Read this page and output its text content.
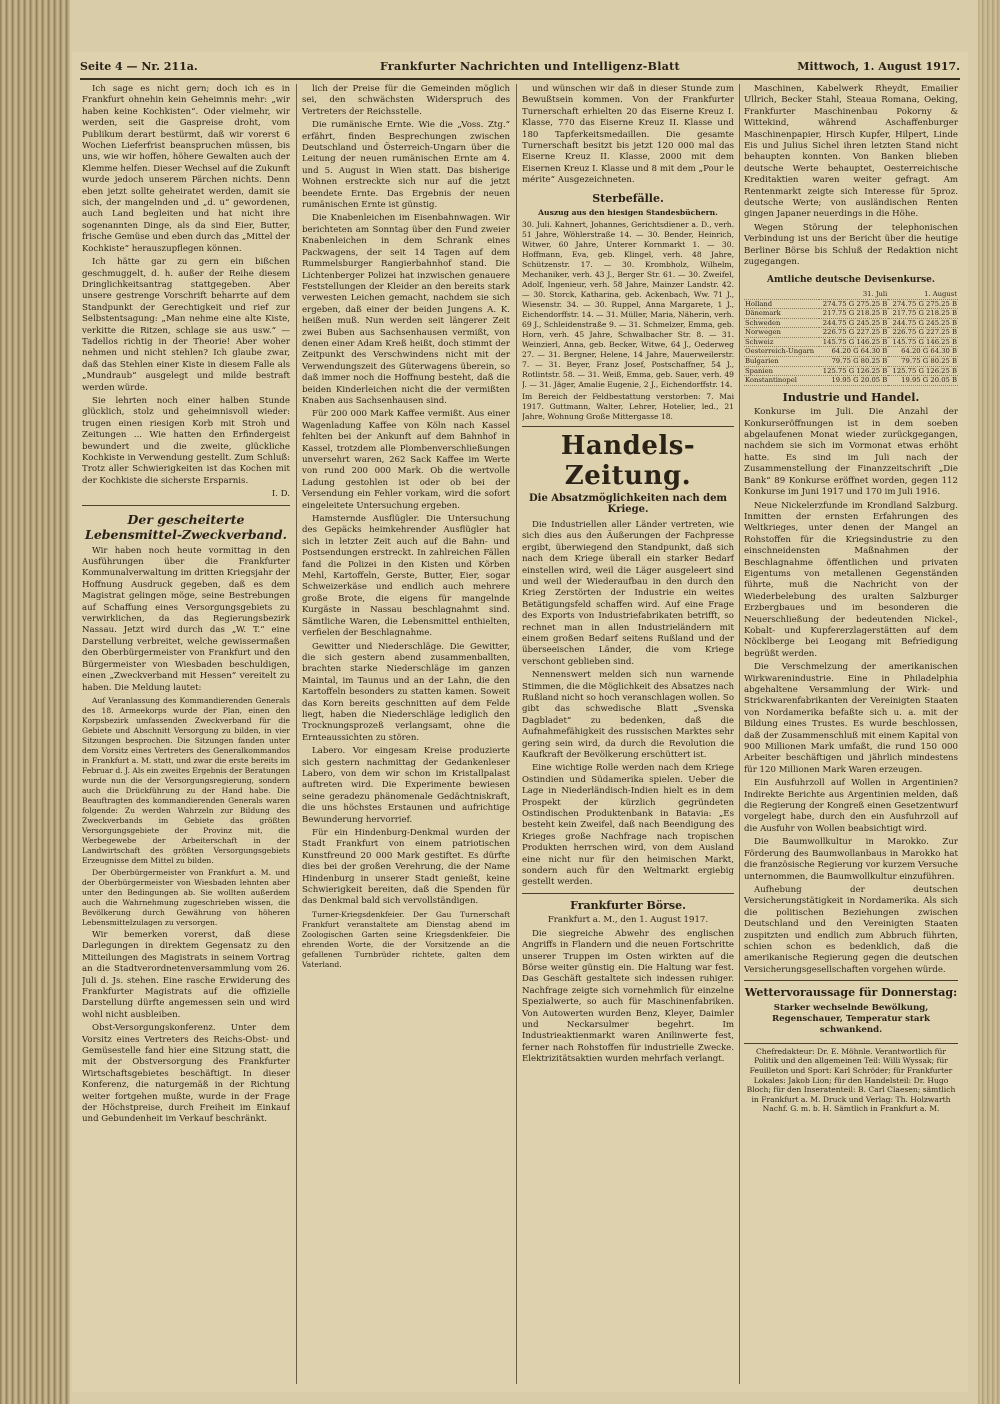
Seite 4 — Nr. 211a.	Frankfurter Nachrichten und Intelligenz-Blatt	Mittwoch, 1. August 1917.

Ich sage es nicht gern; doch ich es in Frankfurt ohnehin kein Geheimnis mehr: „wir haben keine Kochkisten“. Oder vielmehr, wir werden, seit die Gaspreise droht, vom Publikum derart bestürmt, daß wir vorerst 6 Wochen Lieferfrist beanspruchen müssen, bis uns, wie wir hoffen, höhere Gewalten auch der Klemme helfen. Dieser Wechsel auf die Zukunft wurde jedoch unserem Pärchen nichts. Denn eben jetzt sollte geheiratet werden, damit sie sich, der mangelnden und „d. u“ gewordenen, auch Land begleiten und hat nicht ihre sogenannten Dinge, als da sind Eier, Butter, frische Gemüse und eben durch das „Mittel der Kochkiste“ herauszupflegen können.

Ich hätte gar zu gern ein bißchen geschmuggelt, d. h. außer der Reihe diesem Dringlichkeitsantrag stattgegeben. Aber unsere gestrenge Vorschrift beharrte auf dem Standpunkt der Gerechtigkeit und rief zur Selbstentsagung: „Man nehme eine alte Kiste, verkitte die Ritzen, schlage sie aus usw.“ — Tadellos richtig in der Theorie! Aber woher nehmen und nicht stehlen? Ich glaube zwar, daß das Stehlen einer Kiste in diesem Falle als „Mundraub“ ausgelegt und milde bestraft werden würde.

Sie lehrten noch einer halben Stunde glücklich, stolz und geheimnisvoll wieder: trugen einen riesigen Korb mit Stroh und Zeitungen ... Wie hatten den Erfindergeist bewundert und die zweite, glückliche Kochkiste in Verwendung gestellt. Zum Schluß: Trotz aller Schwierigkeiten ist das Kochen mit der Kochkiste die sicherste Ersparnis.

I. D.

Der gescheiterte Lebensmittel-Zweckverband.

Wir haben noch heute vormittag in den Ausführungen über die Frankfurter Kommunalverwaltung im dritten Kriegsjahr der Hoffnung Ausdruck gegeben, daß es dem Magistrat gelingen möge, seine Bestrebungen auf Schaffung eines Versorgungsgebiets zu verwirklichen, da das Regierungsbezirk Nassau. Jetzt wird durch das „W. T.“ eine Darstellung verbreitet, welche gewissermaßen den Oberbürgermeister von Frankfurt und den Bürgermeister von Wiesbaden beschuldigen, einen „Zweckverband mit Hessen“ vereitelt zu haben. Die Meldung lautet:

Auf Veranlassung des Kommandierenden Generals des 18. Armeekorps wurde der Plan, einen den Korpsbezirk umfassenden Zweckverband für die Gebiete und Abschnitt Versorgung zu bilden, in vier Sitzungen besprochen. Die Sitzungen fanden unter dem Vorsitz eines Vertreters des Generalkommandos in Frankfurt a. M. statt, und zwar die erste bereits im Februar d. J. Als ein zweites Ergebnis der Beratungen wurde nun die der Versorgungsregierung, sondern auch die Drückführung zu der Hand habe. Die Beauftragten des kommandierenden Generals waren folgende: Zu werden Wahrzeln zur Bildung des Zweckverbands im Gebiete das größten Versorgungsgebiete der Provinz mit, die Werbegewebe der Arbeiterschaft in der Landwirtschaft des größten Versorgungsgebiets Erzeugnisse dem Mittel zu bilden.

Der Oberbürgermeister von Frankfurt a. M. und der Oberbürgermeister von Wiesbaden lehnten aber unter den Bedingungen ab. Sie wollten außerdem auch die Wahrnehmung zugeschrieben wissen, die Bevölkerung durch Gewährung von höheren Lebensmittelzulagen zu versorgen.

Wir bemerken vorerst, daß diese Darlegungen in direktem Gegensatz zu den Mitteilungen des Magistrats in seinem Vortrag an die Stadtverordnetenversammlung vom 26. Juli d. Js. stehen. Eine rasche Erwiderung des Frankfurter Magistrats auf die offizielle Darstellung dürfte angemessen sein und wird wohl nicht ausbleiben.

Obst-Versorgungskonferenz. Unter dem Vorsitz eines Vertreters des Reichs-Obst- und Gemüsestelle fand hier eine Sitzung statt, die mit der Obstversorgung des Frankfurter Wirtschaftsgebietes beschäftigt. In dieser Konferenz, die naturgemäß in der Richtung weiter fortgehen mußte, wurde in der Frage der Höchstpreise, durch Freiheit im Einkauf und Gebundenheit im Verkauf beschränkt.

lich der Preise für die Gemeinden möglich sei, den schwächsten Widerspruch des Vertreters der Reichsstelle.

Die rumänische Ernte. Wie die „Voss. Ztg.“ erfährt, finden Besprechungen zwischen Deutschland und Österreich-Ungarn über die Leitung der neuen rumänischen Ernte am 4. und 5. August in Wien statt. Das bisherige Wohnen erstreckte sich nur auf die jetzt beendete Ernte. Das Ergebnis der neuen rumänischen Ernte ist günstig.

Die Knabenleichen im Eisenbahnwagen. Wir berichteten am Sonntag über den Fund zweier Knabenleichen in dem Schrank eines Packwagens, der seit 14 Tagen auf dem Rummelsburger Rangierbahnhof stand. Die Lichtenberger Polizei hat inzwischen genauere Feststellungen der Kleider an den bereits stark verwesten Leichen gemacht, nachdem sie sich ergeben, daß einer der beiden Jungens A. K. heißen muß. Nun werden seit längerer Zeit zwei Buben aus Sachsenhausen vermißt, von denen einer Adam Kreß heißt, doch stimmt der Zeitpunkt des Verschwindens nicht mit der Verwendungszeit des Güterwagens überein, so daß immer noch die Hoffnung besteht, daß die beiden Kinderleichen nicht die der vermißten Knaben aus Sachsenhausen sind.

Für 200 000 Mark Kaffee vermißt. Aus einer Wagenladung Kaffee von Köln nach Kassel fehlten bei der Ankunft auf dem Bahnhof in Kassel, trotzdem alle Plombenverschließungen unversehrt waren, 262 Sack Kaffee im Werte von rund 200 000 Mark. Ob die wertvolle Ladung gestohlen ist oder ob bei der Versendung ein Fehler vorkam, wird die sofort eingeleitete Untersuchung ergeben.

Hamsternde Ausflügler. Die Untersuchung des Gepäcks heimkehrender Ausflügler hat sich in letzter Zeit auch auf die Bahn- und Postsendungen erstreckt. In zahlreichen Fällen fand die Polizei in den Kisten und Körben Mehl, Kartoffeln, Gerste, Butter, Eier, sogar Schweizerkäse und endlich auch mehrere große Brote, die eigens für mangelnde Kurgäste in Nassau beschlagnahmt sind. Sämtliche Waren, die Lebensmittel enthielten, verfielen der Beschlagnahme.

Gewitter und Niederschläge. Die Gewitter, die sich gestern abend zusammenballten, brachten starke Niederschläge im ganzen Maintal, im Taunus und an der Lahn, die den Kartoffeln besonders zu statten kamen. Soweit das Korn bereits geschnitten auf dem Felde liegt, haben die Niederschläge lediglich den Trocknungsprozeß verlangsamt, ohne die Ernteaussichten zu stören.

Labero. Vor eingesam Kreise produzierte sich gestern nachmittag der Gedankenleser Labero, von dem wir schon im Kristallpalast auftreten wird. Die Experimente bewiesen seine geradezu phänomenale Gedächtniskraft, die uns höchstes Erstaunen und aufrichtige Bewunderung hervorrief.

Für ein Hindenburg-Denkmal wurden der Stadt Frankfurt von einem patriotischen Kunstfreund 20 000 Mark gestiftet. Es dürfte dies bei der großen Verehrung, die der Name Hindenburg in unserer Stadt genießt, keine Schwierigkeit bereiten, daß die Spenden für das Denkmal bald sich vervollständigen.

Turner-Kriegsdenkfeier. Der Gau Turnerschaft Frankfurt veranstaltete am Dienstag abend im Zoologischen Garten seine Kriegsdenkfeier. Die ehrenden Worte, die der Vorsitzende an die gefallenen Turnbrüder richtete, galten dem Vaterland.

und wünschen wir daß in dieser Stunde zum Bewußtsein kommen. Von der Frankfurter Turnerschaft erhielten 20 das Eiserne Kreuz I. Klasse, 770 das Eiserne Kreuz II. Klasse und 180 Tapferkeitsmedaillen. Die gesamte Turnerschaft besitzt bis jetzt 120 000 mal das Eiserne Kreuz II. Klasse, 2000 mit dem Eisernen Kreuz I. Klasse und 8 mit dem „Pour le mérite“ Ausgezeichneten.

Sterbefälle.

Auszug aus den hiesigen Standesbüchern.

30. Juli. Kahnert, Johannes, Gerichtsdiener a. D., verh. 51 Jahre, Wöhlerstraße 14. — 30. Bender, Heinrich, Witwer, 60 Jahre, Unterer Kornmarkt 1. — 30. Hoffmann, Eva, geb. Klingel, verh. 48 Jahre, Schützenstr. 17. — 30. Krombholz, Wilhelm, Mechaniker, verh. 43 J., Berger Str. 61. — 30. Zweifel, Adolf, Ingenieur, verh. 58 Jahre, Mainzer Landstr. 42. — 30. Storck, Katharina, geb. Ackenbach, Ww. 71 J., Wiesenstr. 34. — 30. Ruppel, Anna Margarete, 1 J., Eichendorffstr. 14. — 31. Müller, Maria, Näherin, verh. 69 J., Schleidenstraße 9. — 31. Schmelzer, Emma, geb. Horn, verh. 45 Jahre, Schwalbacher Str. 8. — 31. Weinzierl, Anna, geb. Becker, Witwe, 64 J., Oederweg 27. — 31. Bergner, Helene, 14 Jahre, Mauerweilerstr. 7. — 31. Beyer, Franz Josef, Postschaffner, 54 J., Rotlintstr. 58. — 31. Weiß, Emma, geb. Sauer, verh. 49 J. — 31. Jäger, Amalie Eugenie, 2 J., Eichendorffstr. 14.

Im Bereich der Feldbestattung verstorben: 7. Mai 1917. Guttmann, Walter, Lehrer, Hotelier, led., 21 Jahre, Wohnung Große Mittergasse 18.

Handels-Zeitung.
Die Absatzmöglichkeiten nach dem Kriege.

Die Industriellen aller Länder vertreten, wie sich dies aus den Äußerungen der Fachpresse ergibt, überwiegend den Standpunkt, daß sich nach dem Kriege überall ein starker Bedarf einstellen wird, weil die Läger ausgeleert sind und weil der Wiederaufbau in den durch den Krieg Zerstörten der Industrie ein weites Betätigungsfeld schaffen wird. Auf eine Frage des Exports von Industriefabrikaten betrifft, so rechnet man in allen Industrieländern mit einem großen Bedarf seitens Rußland und der überseeischen Länder, die vom Kriege verschont geblieben sind.

Nennenswert melden sich nun warnende Stimmen, die die Möglichkeit des Absatzes nach Rußland nicht so hoch veranschlagen wollen. So gibt das schwedische Blatt „Svenska Dagbladet“ zu bedenken, daß die Aufnahmefähigkeit des russischen Marktes sehr gering sein wird, da durch die Revolution die Kaufkraft der Bevölkerung erschüttert ist.

Eine wichtige Rolle werden nach dem Kriege Ostindien und Südamerika spielen. Ueber die Lage in Niederländisch-Indien hielt es in dem Prospekt der kürzlich gegründeten Ostindischen Produktenbank in Batavia: „Es besteht kein Zweifel, daß nach Beendigung des Krieges große Nachfrage nach tropischen Produkten herrschen wird, von dem Ausland eine nicht nur für den heimischen Markt, sondern auch für den Weltmarkt ergiebig gestellt werden.

Frankfurter Börse.

Frankfurt a. M., den 1. August 1917.

Die siegreiche Abwehr des englischen Angriffs in Flandern und die neuen Fortschritte unserer Truppen im Osten wirkten auf die Börse weiter günstig ein. Die Haltung war fest. Das Geschäft gestaltete sich indessen ruhiger. Nachfrage zeigte sich vornehmlich für einzelne Spezialwerte, so auch für Maschinenfabriken. Von Autowerten wurden Benz, Kleyer, Daimler und Neckarsulmer begehrt. Im Industrieaktienmarkt waren Anilinwerte fest, ferner nach Rohstoffen für industrielle Zwecke. Elektrizitätsaktien wurden mehrfach verlangt.

Maschinen, Kabelwerk Rheydt, Emailier Ullrich, Becker Stahl, Steaua Romana, Oeking, Frankfurter Maschinenbau Pokorny & Wittekind, während Aschaffenburger Maschinenpapier, Hirsch Kupfer, Hilpert, Linde Eis und Julius Sichel ihren letzten Stand nicht behaupten konnten. Von Banken blieben deutsche Werte behauptet, Oesterreichische Kreditaktien waren weiter gefragt. Am Rentenmarkt zeigte sich Interesse für 5proz. deutsche Werte; von ausländischen Renten gingen Japaner neuerdings in die Höhe.

Wegen Störung der telephonischen Verbindung ist uns der Bericht über die heutige Berliner Börse bis Schluß der Redaktion nicht zugegangen.

Amtliche deutsche Devisenkurse.
	31. Juli	1. August
Holland	274.75 G 275.25 B	274.75 G 275.25 B
Dänemark	217.75 G 218.25 B	217.75 G 218.25 B
Schweden	244.75 G 245.25 B	244.75 G 245.25 B
Norwegen	226.75 G 227.25 B	226.75 G 227.25 B
Schweiz	145.75 G 146.25 B	145.75 G 146.25 B
Oesterreich-Ungarn	64.20 G 64.30 B	64.20 G 64.30 B
Bulgarien	79.75 G 80.25 B	79.75 G 80.25 B
Spanien	125.75 G 126.25 B	125.75 G 126.25 B
Konstantinopel	19.95 G 20.05 B	19.95 G 20.05 B
Industrie und Handel.

Konkurse im Juli. Die Anzahl der Konkurseröffnungen ist in dem soeben abgelaufenen Monat wieder zurückgegangen, nachdem sie sich im Vormonat etwas erhöht hatte. Es sind im Juli nach der Zusammenstellung der Finanzzeitschrift „Die Bank“ 89 Konkurse eröffnet worden, gegen 112 Konkurse im Juni 1917 und 170 im Juli 1916.

Neue Nickelerzfunde im Krondland Salzburg. Inmitten der ernsten Erfahrungen des Weltkrieges, unter denen der Mangel an Rohstoffen für die Kriegsindustrie zu den einschneidensten Maßnahmen der Beschlagnahme öffentlichen und privaten Eigentums von metallenen Gegenständen führte, muß die Nachricht von der Wiederbelebung des uralten Salzburger Erzbergbaues und im besonderen die Neuerschließung der bedeutenden Nickel-, Kobalt- und Kupfererzlagerstätten auf dem Nöcklberge bei Leogang mit Befriedigung begrüßt werden.

Die Verschmelzung der amerikanischen Wirkwarenindustrie. Eine in Philadelphia abgehaltene Versammlung der Wirk- und Strickwarenfabrikanten der Vereinigten Staaten von Nordamerika befaßte sich u. a. mit der Bildung eines Trustes. Es wurde beschlossen, daß der Zusammenschluß mit einem Kapital von 900 Millionen Mark umfaßt, die rund 150 000 Arbeiter beschäftigen und jährlich mindestens für 120 Millionen Mark Waren erzeugen.

Ein Ausfuhrzoll auf Wollen in Argentinien? Indirekte Berichte aus Argentinien melden, daß die Regierung der Kongreß einen Gesetzentwurf vorgelegt habe, durch den ein Ausfuhrzoll auf die Ausfuhr von Wollen beabsichtigt wird.

Die Baumwollkultur in Marokko. Zur Förderung des Baumwollanbaus in Marokko hat die französische Regierung vor kurzem Versuche unternommen, die Baumwollkultur einzuführen.

Aufhebung der deutschen Versicherungstätigkeit in Nordamerika. Als sich die politischen Beziehungen zwischen Deutschland und den Vereinigten Staaten zuspitzten und endlich zum Abbruch führten, schien schon es bedenklich, daß die amerikanische Regierung gegen die deutschen Versicherungsgesellschaften vorgehen würde.

Wettervoraussage für Donnerstag:

Starker wechselnde Bewölkung, Regenschauer, Temperatur stark schwankend.

Chefredakteur: Dr. E. Möhnle. Verantwortlich für Politik und den allgemeinen Teil: Willi Wyssak; für Feuilleton und Sport: Karl Schröder; für Frankfurter Lokales: Jakob Lion; für den Handelsteil: Dr. Hugo Bloch; für den Inseratenteil: B. Carl Claesen; sämtlich in Frankfurt a. M. Druck und Verlag: Th. Holzwarth Nachf. G. m. b. H. Sämtlich in Frankfurt a. M.
